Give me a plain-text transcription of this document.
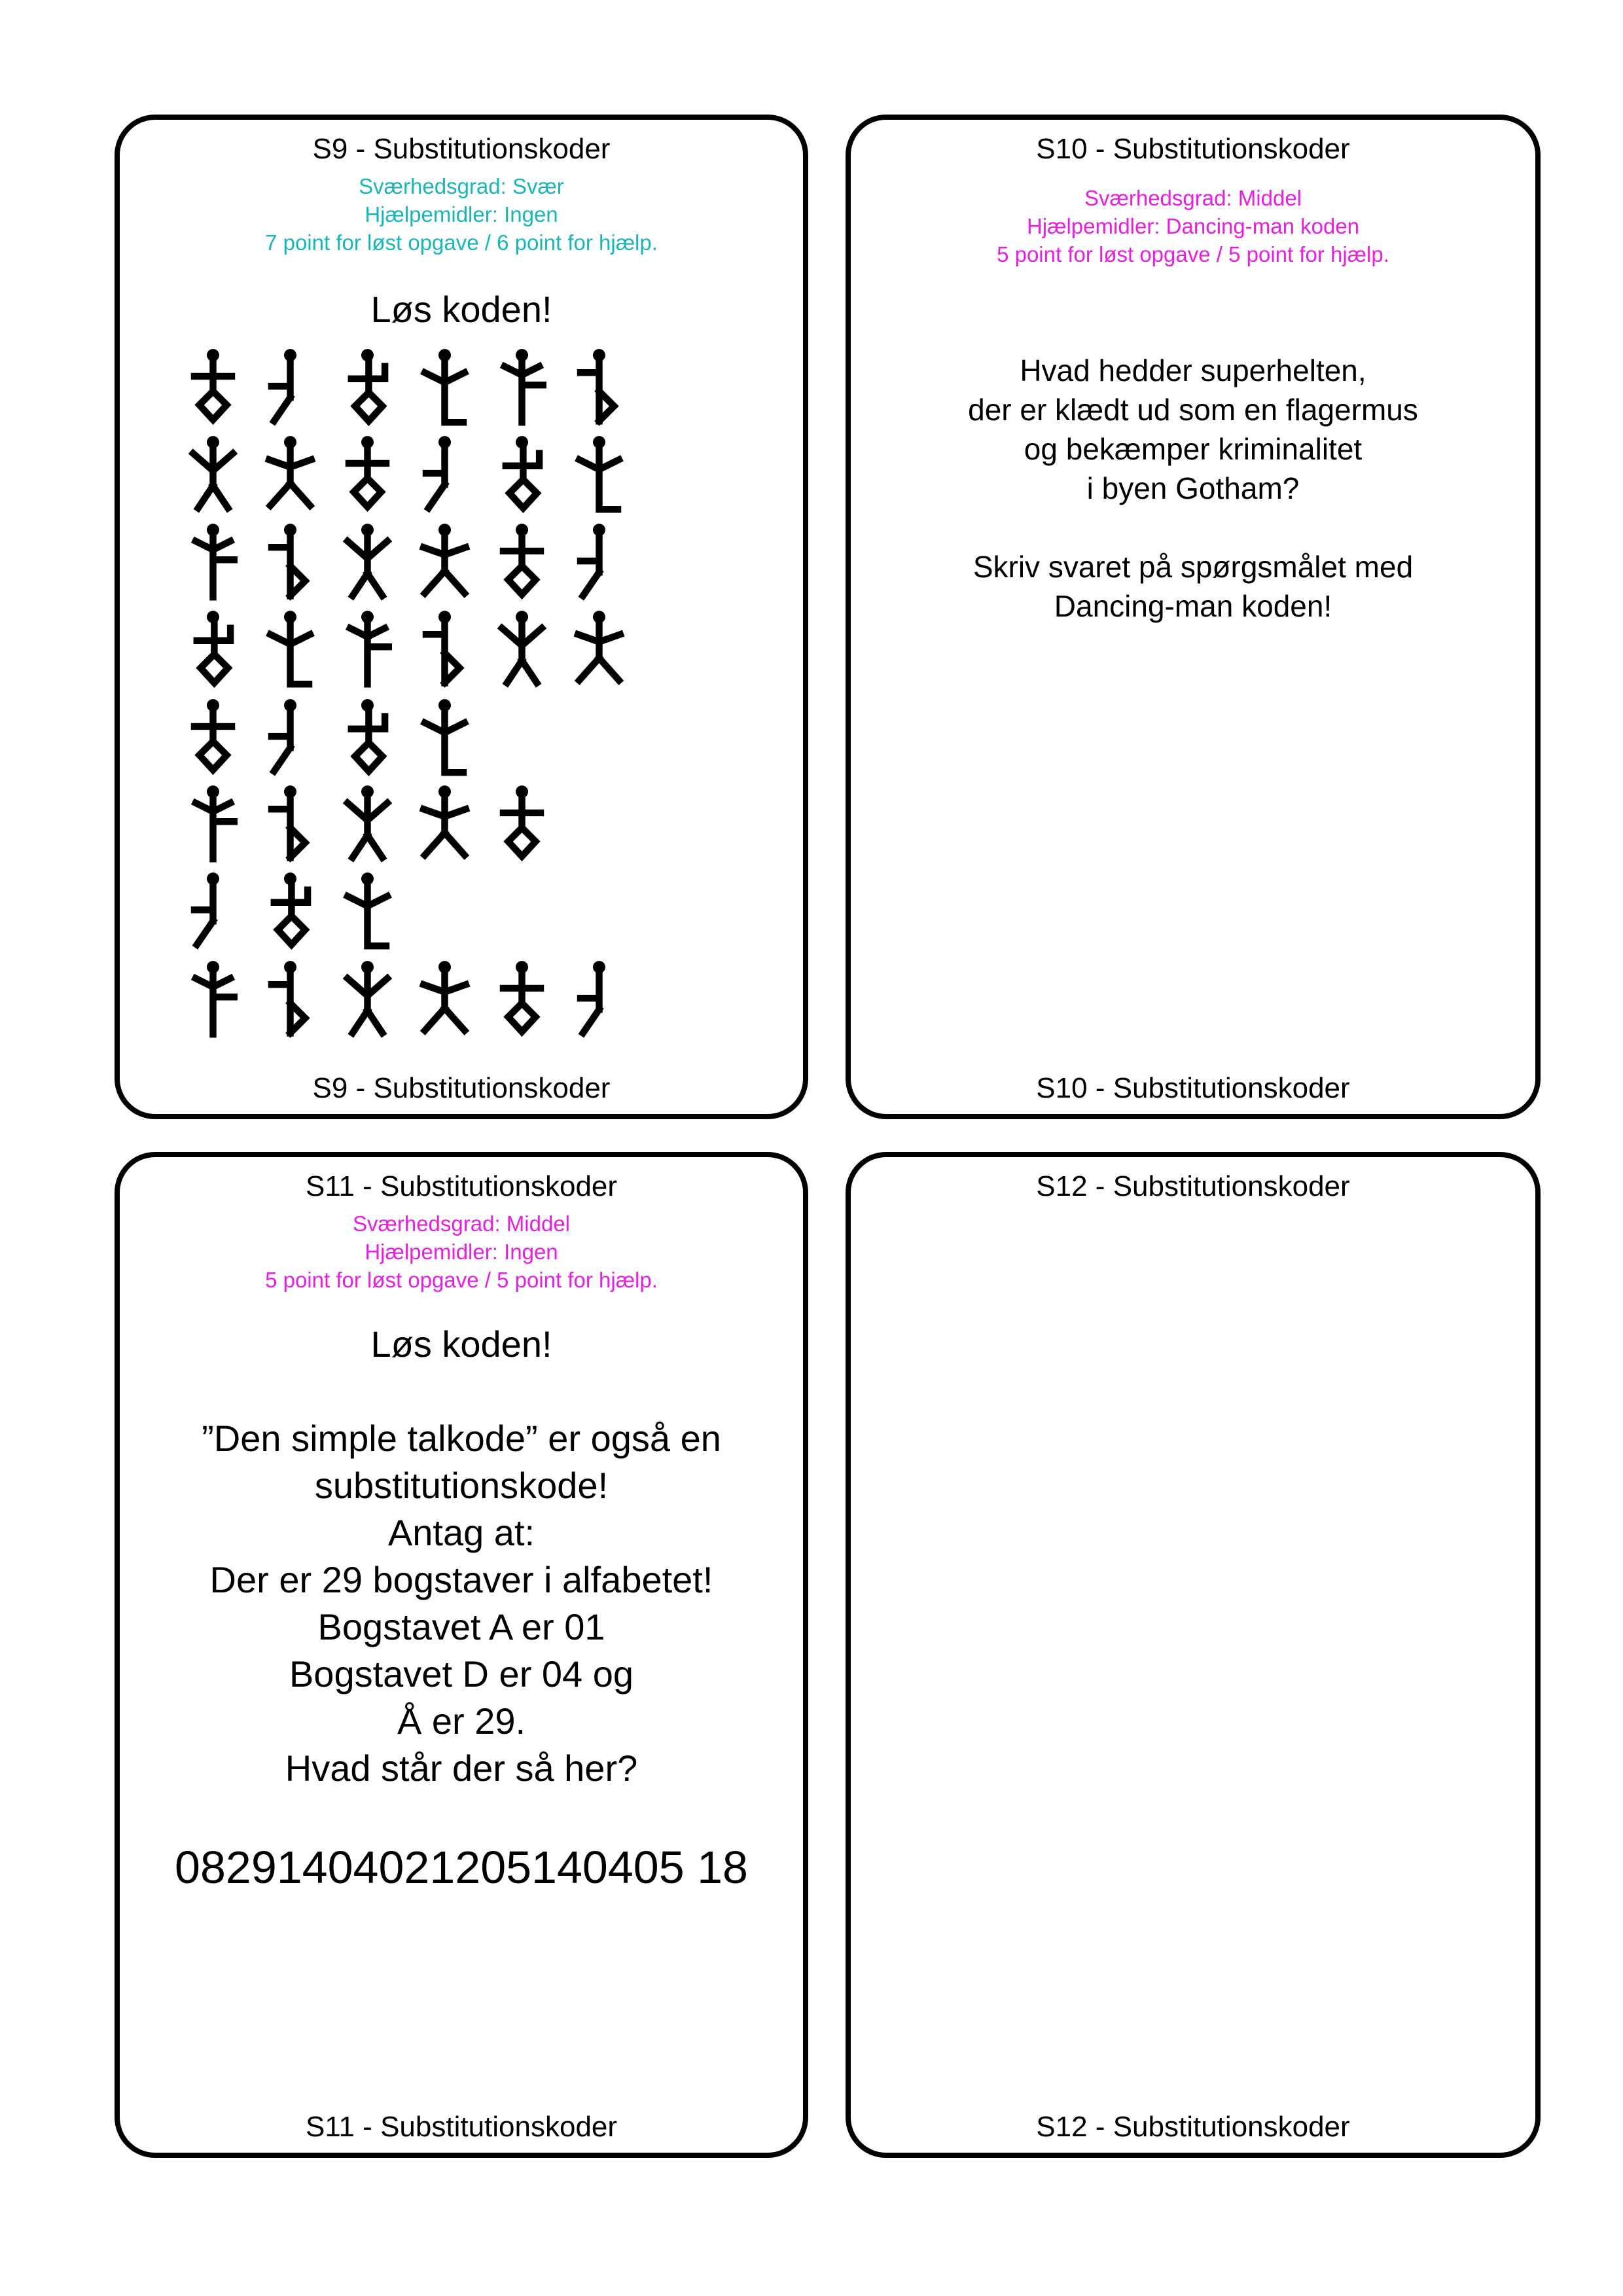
S9 - Substitutionskoder
Sværhedsgrad: Svær
Hjælpemidler: Ingen
7 point for løst opgave / 6 point for hjælp.
Løs koden!
S9 - Substitutionskoder
S10 - Substitutionskoder
Sværhedsgrad: Middel
Hjælpemidler: Dancing-man koden
5 point for løst opgave / 5 point for hjælp.
Hvad hedder superhelten,
der er klædt ud som en flagermus
og bekæmper kriminalitet
i byen Gotham?
Skriv svaret på spørgsmålet med
Dancing-man koden!
S10 - Substitutionskoder
S11 - Substitutionskoder
Sværhedsgrad: Middel
Hjælpemidler: Ingen
5 point for løst opgave / 5 point for hjælp.
Løs koden!
”Den simple talkode” er også en
substitutionskode!
Antag at:
Der er 29 bogstaver i alfabetet!
Bogstavet A er 01
Bogstavet D er 04 og
Å er 29.
Hvad står der så her?
08291404021205140405 18
S11 - Substitutionskoder
S12 - Substitutionskoder
S12 - Substitutionskoder
